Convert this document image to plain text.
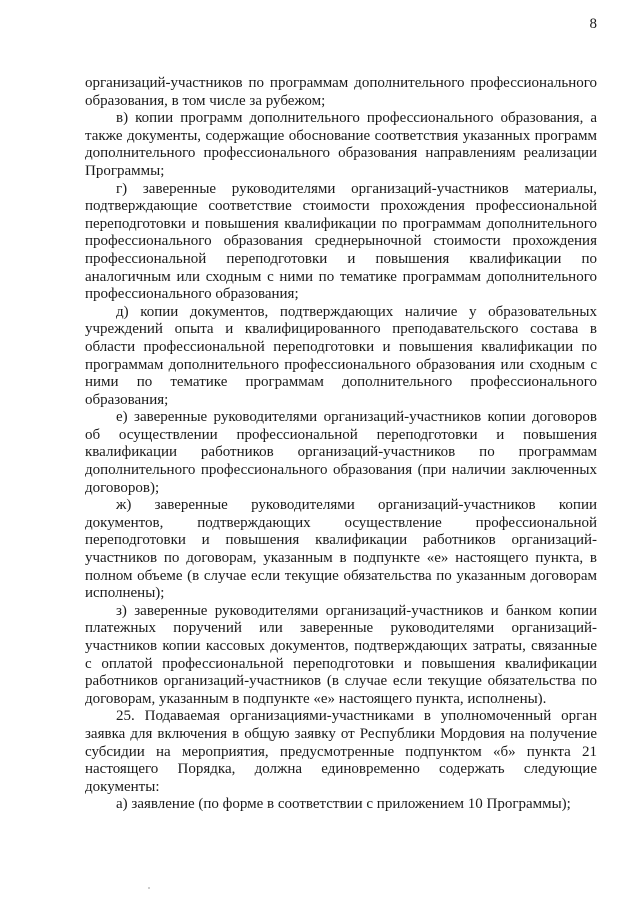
8

организаций-участников по программам дополнительного профессионального образования, в том числе за рубежом;

в) копии программ дополнительного профессионального образования, а также документы, содержащие обоснование соответствия указанных программ дополнительного профессионального образования направлениям реализации Программы;

г) заверенные руководителями организаций-участников материалы, подтверждающие соответствие стоимости прохождения профессиональной переподготовки и повышения квалификации по программам дополнительного профессионального образования среднерыночной стоимости прохождения профессиональной переподготовки и повышения квалификации по аналогичным или сходным с ними по тематике программам дополнительного профессионального образования;

д) копии документов, подтверждающих наличие у образовательных учреждений опыта и квалифицированного преподавательского состава в области профессиональной переподготовки и повышения квалификации по программам дополнительного профессионального образования или сходным с ними по тематике программам дополнительного профессионального образования;

е) заверенные руководителями организаций-участников копии договоров об осуществлении профессиональной переподготовки и повышения квалификации работников организаций-участников по программам дополнительного профессионального образования (при наличии заключенных договоров);

ж) заверенные руководителями организаций-участников копии документов, подтверждающих осуществление профессиональной переподготовки и повышения квалификации работников организаций-участников по договорам, указанным в подпункте «е» настоящего пункта, в полном объеме (в случае если текущие обязательства по указанным договорам исполнены);

з) заверенные руководителями организаций-участников и банком копии платежных поручений или заверенные руководителями организаций-участников копии кассовых документов, подтверждающих затраты, связанные с оплатой профессиональной переподготовки и повышения квалификации работников организаций-участников (в случае если текущие обязательства по договорам, указанным в подпункте «е» настоящего пункта, исполнены).

25. Подаваемая организациями-участниками в уполномоченный орган заявка для включения в общую заявку от Республики Мордовия на получение субсидии на мероприятия, предусмотренные подпунктом «б» пункта 21 настоящего Порядка, должна единовременно содержать следующие документы:

а) заявление (по форме в соответствии с приложением 10 Программы);
